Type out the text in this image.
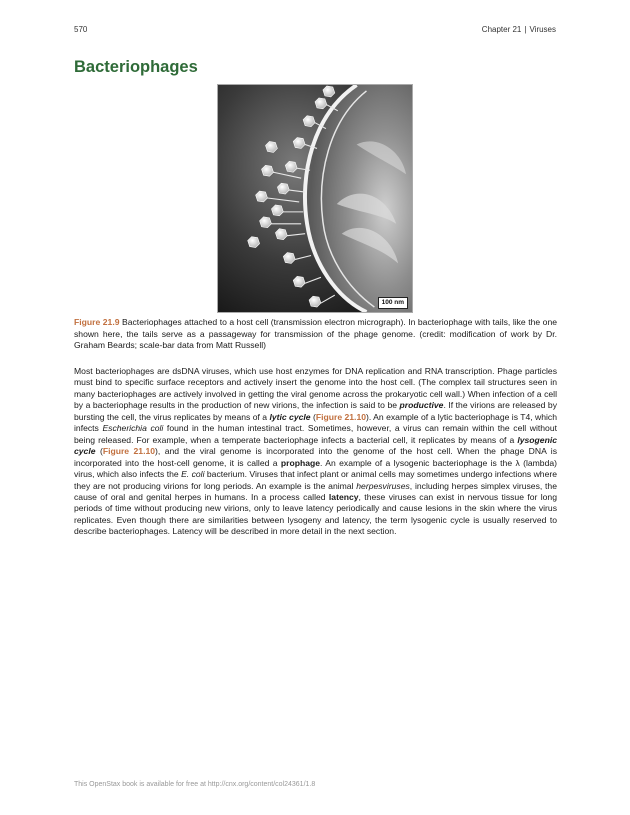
570	Chapter 21 | Viruses
Bacteriophages
100 nm

Figure 21.9 Bacteriophages attached to a host cell (transmission electron micrograph). In bacteriophage with tails, like the one shown here, the tails serve as a passageway for transmission of the phage genome. (credit: modification of work by Dr. Graham Beards; scale-bar data from Matt Russell)

Most bacteriophages are dsDNA viruses, which use host enzymes for DNA replication and RNA transcription. Phage particles must bind to specific surface receptors and actively insert the genome into the host cell. (The complex tail structures seen in many bacteriophages are actively involved in getting the viral genome across the prokaryotic cell wall.) When infection of a cell by a bacteriophage results in the production of new virions, the infection is said to be productive. If the virions are released by bursting the cell, the virus replicates by means of a lytic cycle (Figure 21.10). An example of a lytic bacteriophage is T4, which infects Escherichia coli found in the human intestinal tract. Sometimes, however, a virus can remain within the cell without being released. For example, when a temperate bacteriophage infects a bacterial cell, it replicates by means of a lysogenic cycle (Figure 21.10), and the viral genome is incorporated into the genome of the host cell. When the phage DNA is incorporated into the host-cell genome, it is called a prophage. An example of a lysogenic bacteriophage is the λ (lambda) virus, which also infects the E. coli bacterium. Viruses that infect plant or animal cells may sometimes undergo infections where they are not producing virions for long periods. An example is the animal herpesviruses, including herpes simplex viruses, the cause of oral and genital herpes in humans. In a process called latency, these viruses can exist in nervous tissue for long periods of time without producing new virions, only to leave latency periodically and cause lesions in the skin where the virus replicates. Even though there are similarities between lysogeny and latency, the term lysogenic cycle is usually reserved to describe bacteriophages. Latency will be described in more detail in the next section.

This OpenStax book is available for free at http://cnx.org/content/col24361/1.8
